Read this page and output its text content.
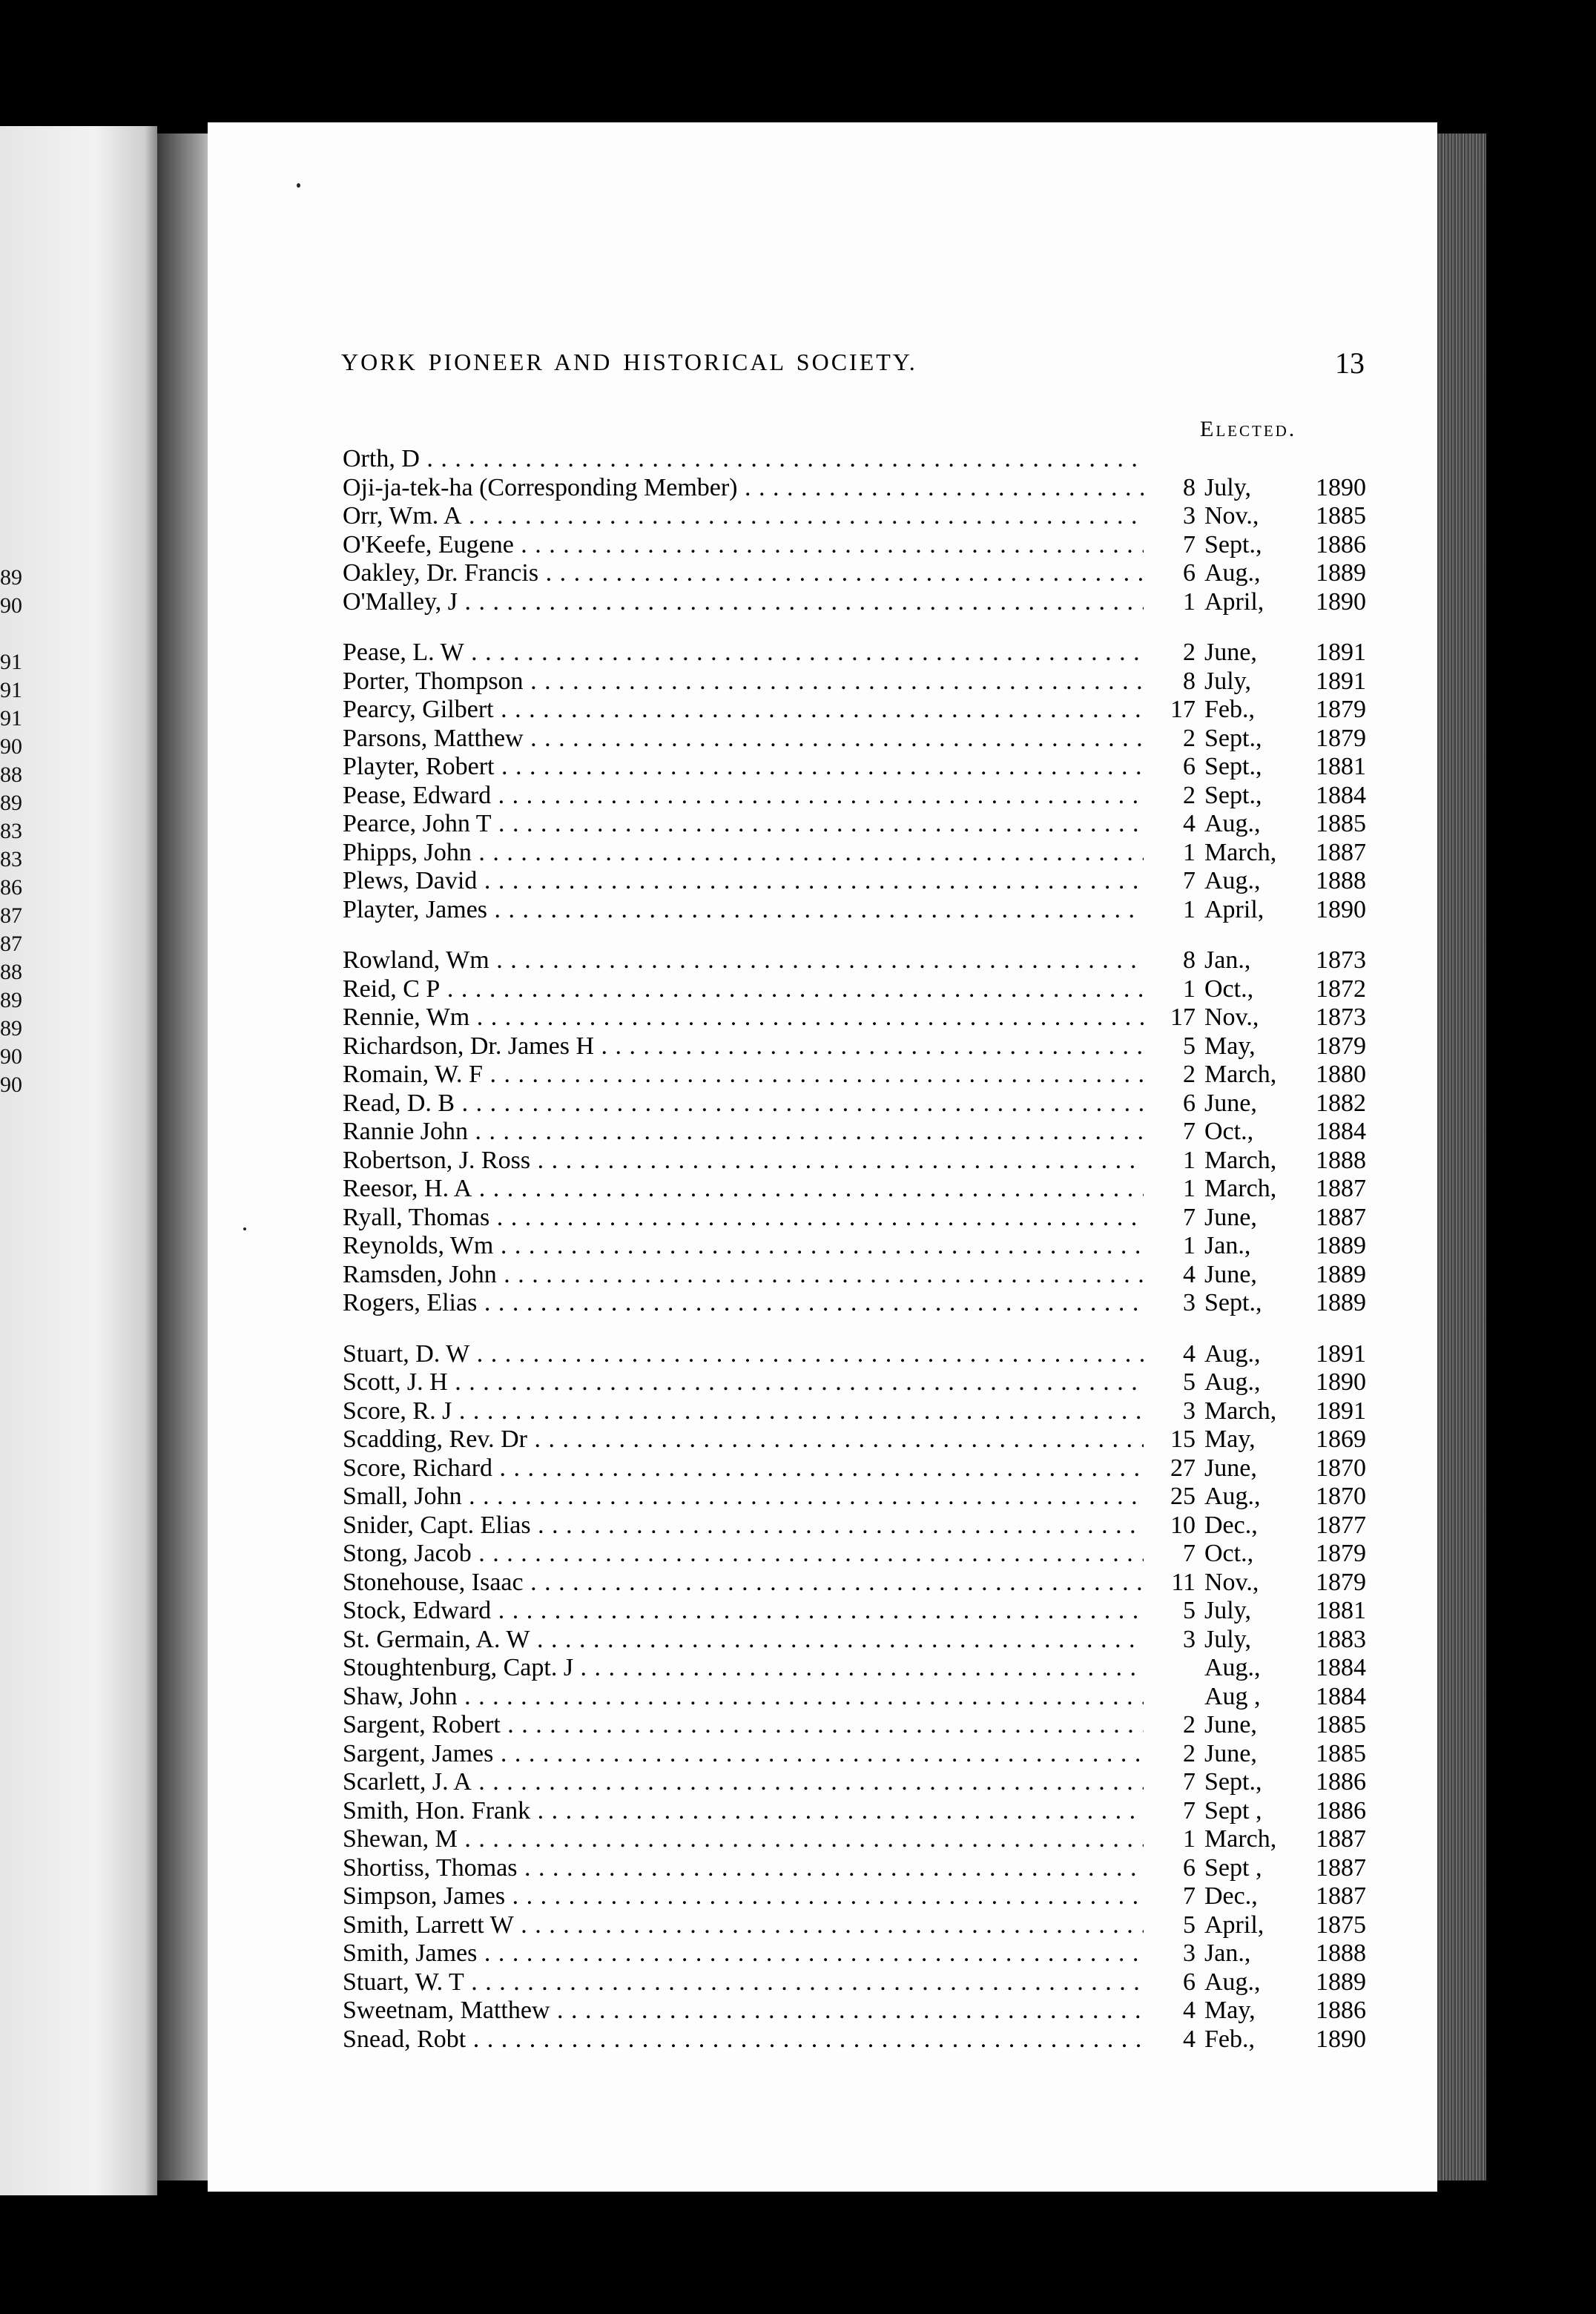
89
90
91
91
91
90
88
89
83
83
86
87
87
88
89
89
90
90
YORK PIONEER AND HISTORICAL SOCIETY.	13
Elected.
Orth, D . . .
Oji-ja-tek-ha (Corresponding Member) . . .	8 July,	1890
Orr, Wm. A . . .	3 Nov., 1885
O'Keefe, Eugene . . .	7 Sept., 1886
Oakley, Dr. Francis . . .	6 Aug., 1889
O'Malley, J . . .	1 April, 1890
Pease, L. W . . .	2 June, 1891
Porter, Thompson . . .	8 July,	1891
Pearcy, Gilbert . . .	17 Feb., 1879
Parsons, Matthew . . .	2 Sept., 1879
Playter, Robert . . .	6 Sept., 1881
Pease, Edward . . .	2 Sept., 1884
Pearce, John T . . .	4 Aug., 1885
Phipps, John . . .	1 March, 1887
Plews, David . . .	7 Aug., 1888
Playter, James . . .	1 April, 1890
Rowland, Wm . . .	8 Jan.,	1873
Reid, C P . . .	1 Oct., 1872
Rennie, Wm . . .	17 Nov., 1873
Richardson, Dr. James H . . .	5 May, 1879
Romain, W. F . . .	2 March, 1880
Read, D. B . . .	6 June, 1882
Rannie John . . .	7 Oct., 1884
Robertson, J. Ross . . .	1 March, 1888
Reesor, H. A . . .	1 March, 1887
Ryall, Thomas . . .	7 June, 1887
Reynolds, Wm . . .	1 Jan.,	1889
Ramsden, John . . .	4 June, 1889
Rogers, Elias . . .	3 Sept., 1889
Stuart, D. W . . .	4 Aug., 1891
Scott, J. H . . .	5 Aug., 1890
Score, R. J . . .	3 March, 1891
Scadding, Rev. Dr . . .	15 May, 1869
Score, Richard . . .	27 June, 1870
Small, John . . .	25 Aug., 1870
Snider, Capt. Elias . . .	10 Dec., 1877
Stong, Jacob . . .	7 Oct., 1879
Stonehouse, Isaac . . .	11 Nov., 1879
Stock, Edward . . .	5 July,	1881
St. Germain, A. W . . .	3 July,	1883
Stoughtenburg, Capt. J . . .	Aug., 1884
Shaw, John . . .	Aug , 1884
Sargent, Robert . . .	2 June, 1885
Sargent, James . . .	2 June, 1885
Scarlett, J. A . . .	7 Sept., 1886
Smith, Hon. Frank . . .	7 Sept , 1886
Shewan, M . . .	1 March, 1887
Shortiss, Thomas . . .	6 Sept , 1887
Simpson, James . . .	7 Dec., 1887
Smith, Larrett W . . .	5 April, 1875
Smith, James . . .	3 Jan.,	1888
Stuart, W. T . . .	6 Aug., 1889
Sweetnam, Matthew . . .	4 May, 1886
Snead, Robt . . .	4 Feb., 1890
